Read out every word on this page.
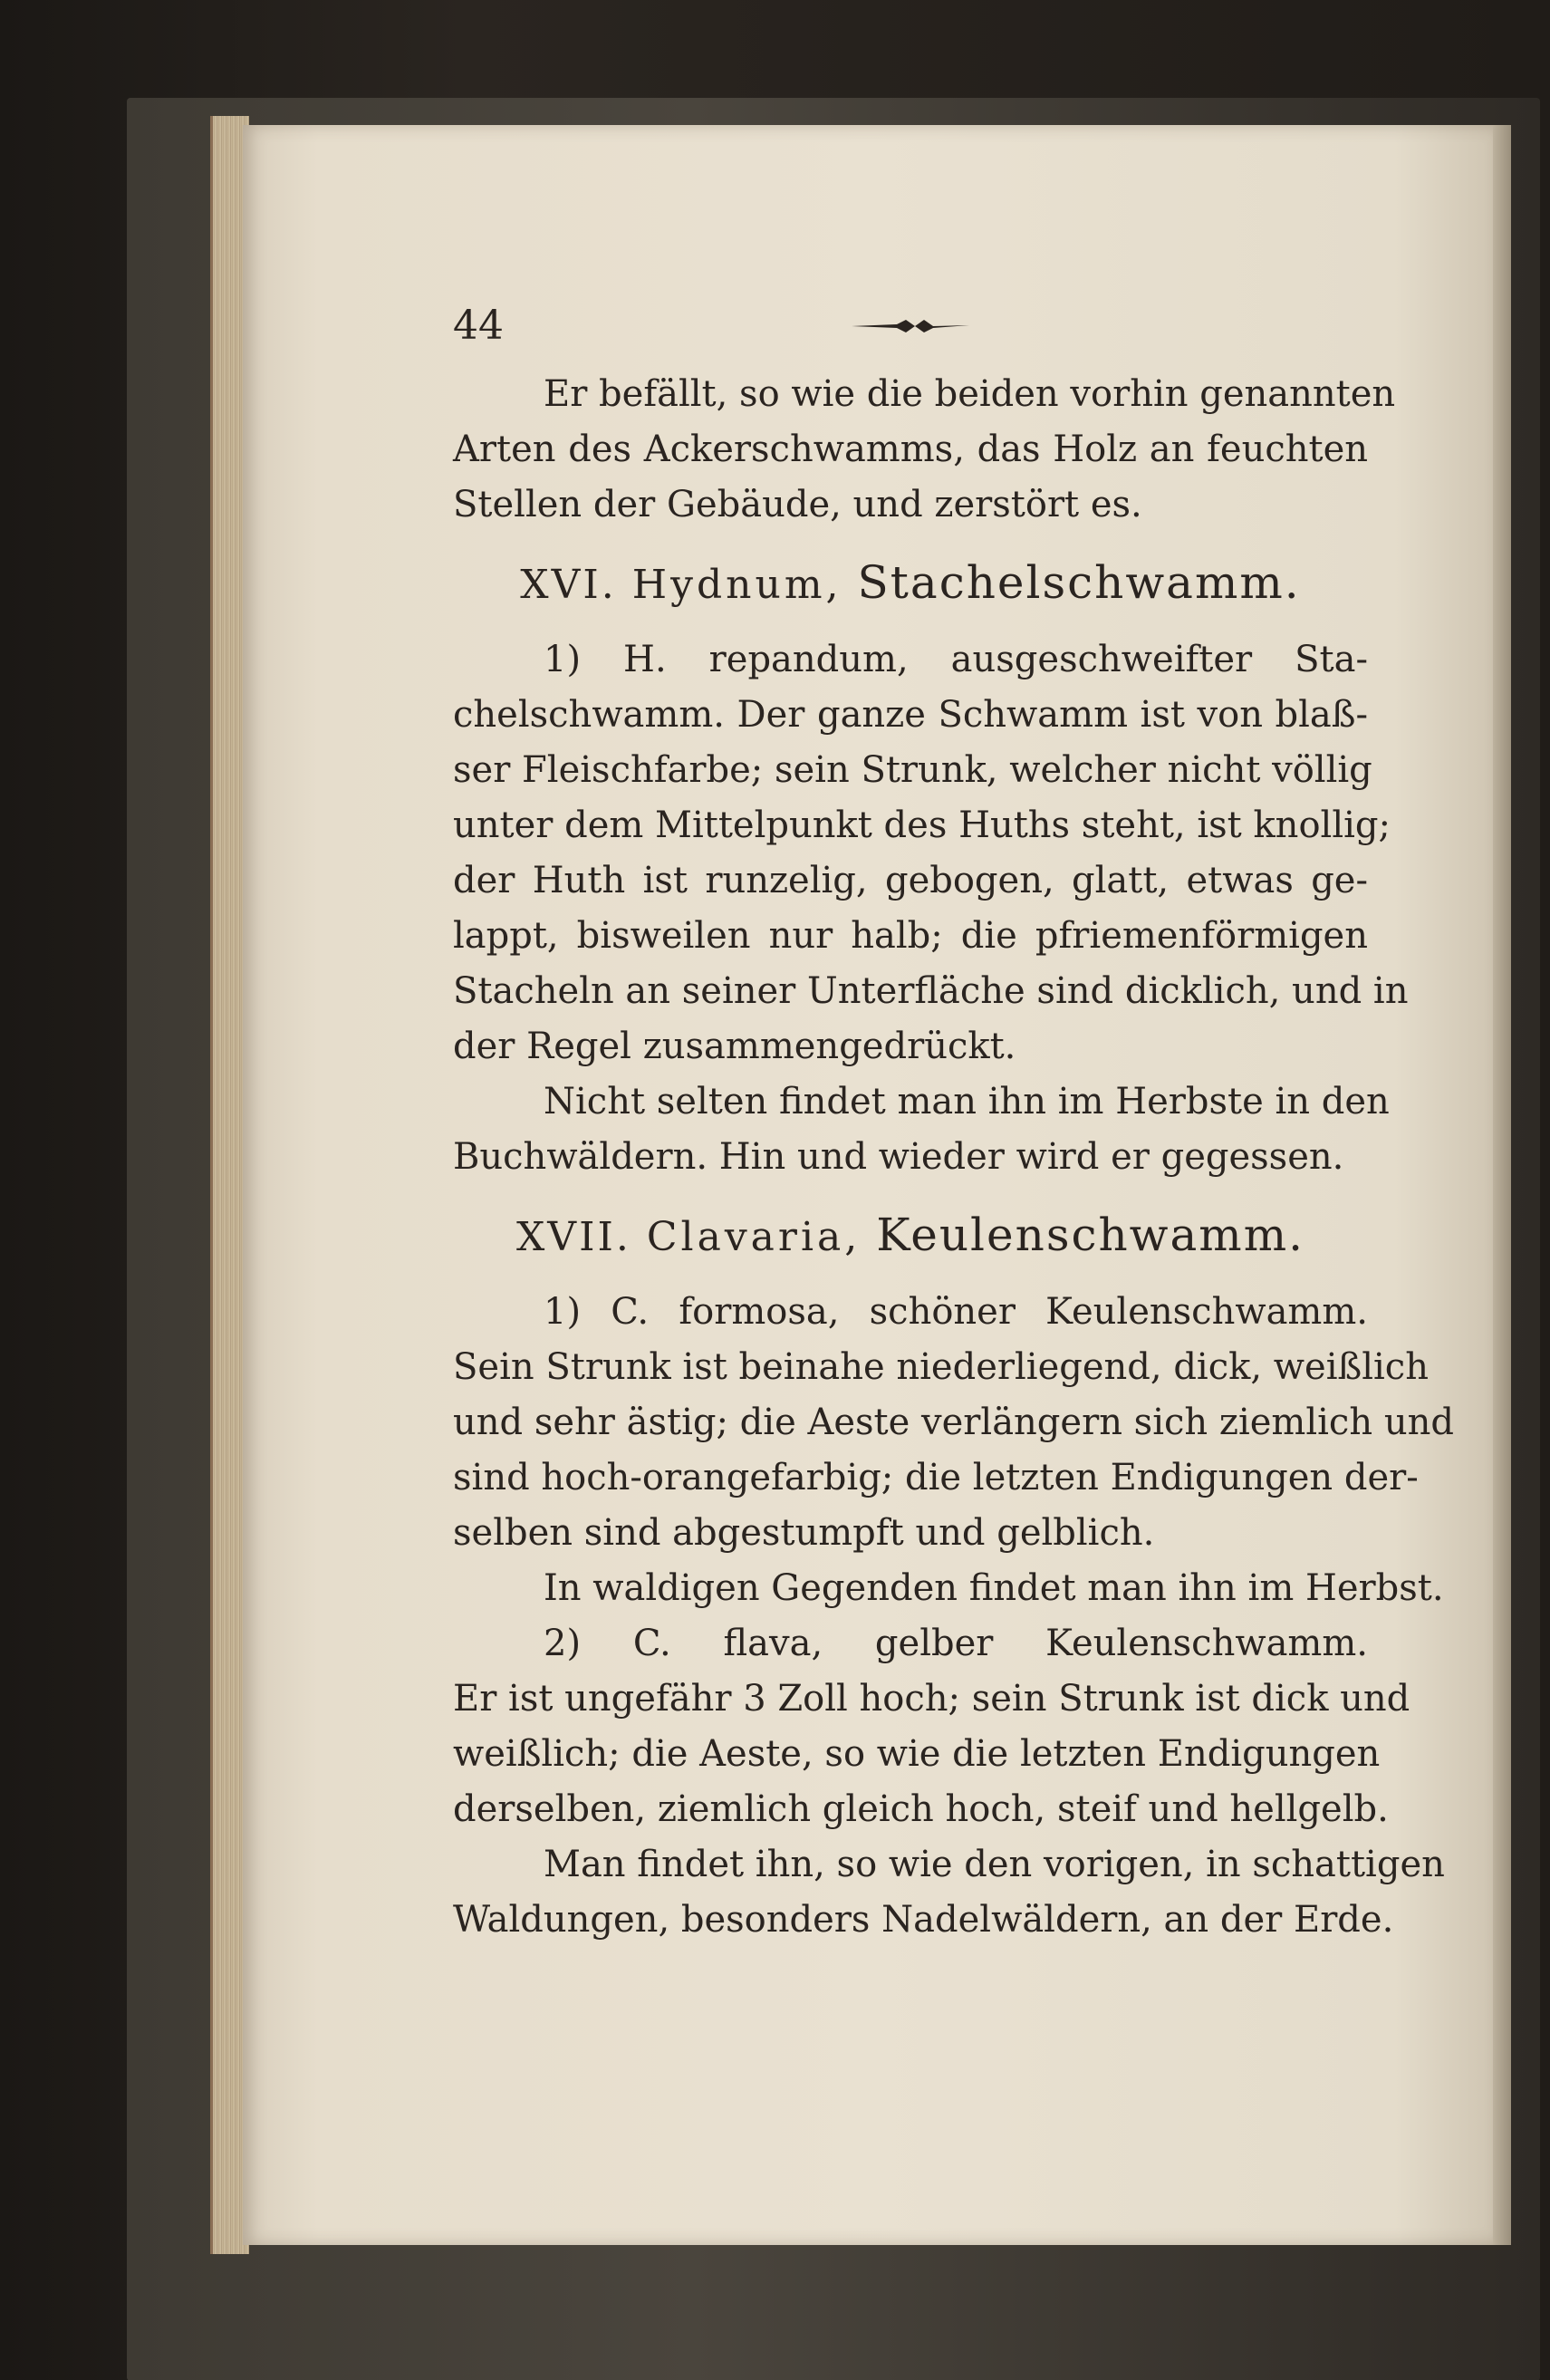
44
Er befällt, so wie die beiden vorhin genannten
Arten des Ackerschwamms, das Holz an feuchten
Stellen der Gebäude, und zerstört es.
XVI. Hydnum, Stachelschwamm.
1) H. repandum, ausgeschweifter Sta-
chelschwamm. Der ganze Schwamm ist von blaß-
ser Fleischfarbe; sein Strunk, welcher nicht völlig
unter dem Mittelpunkt des Huths steht, ist knollig;
der Huth ist runzelig, gebogen, glatt, etwas ge-
lappt, bisweilen nur halb; die pfriemenförmigen
Stacheln an seiner Unterfläche sind dicklich, und in
der Regel zusammengedrückt.
Nicht selten findet man ihn im Herbste in den
Buchwäldern. Hin und wieder wird er gegessen.
XVII. Clavaria, Keulenschwamm.
1) C. formosa, schöner Keulenschwamm.
Sein Strunk ist beinahe niederliegend, dick, weißlich
und sehr ästig; die Aeste verlängern sich ziemlich und
sind hoch-orangefarbig; die letzten Endigungen der-
selben sind abgestumpft und gelblich.
In waldigen Gegenden findet man ihn im Herbst.
2) C. flava, gelber Keulenschwamm.
Er ist ungefähr 3 Zoll hoch; sein Strunk ist dick und
weißlich; die Aeste, so wie die letzten Endigungen
derselben, ziemlich gleich hoch, steif und hellgelb.
Man findet ihn, so wie den vorigen, in schattigen
Waldungen, besonders Nadelwäldern, an der Erde.
